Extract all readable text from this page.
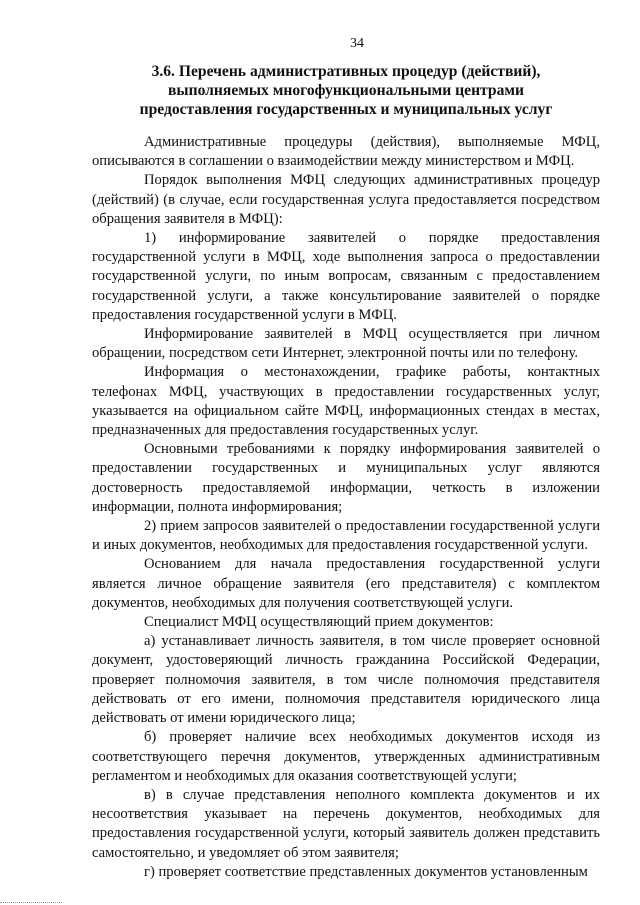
34
3.6. Перечень административных процедур (действий),
выполняемых многофункциональными центрами
предоставления государственных и муниципальных услуг

Административные процедуры (действия), выполняемые МФЦ, описываются в соглашении о взаимодействии между министерством и МФЦ.

Порядок выполнения МФЦ следующих административных процедур (действий) (в случае, если государственная услуга предоставляется посредством обращения заявителя в МФЦ):

1) информирование заявителей о порядке предоставления государственной услуги в МФЦ, ходе выполнения запроса о предоставлении государственной услуги, по иным вопросам, связанным с предоставлением государственной услуги, а также консультирование заявителей о порядке предоставления государственной услуги в МФЦ.

Информирование заявителей в МФЦ осуществляется при личном обращении, посредством сети Интернет, электронной почты или по телефону.

Информация о местонахождении, графике работы, контактных телефонах МФЦ, участвующих в предоставлении государственных услуг, указывается на официальном сайте МФЦ, информационных стендах в местах, предназначенных для предоставления государственных услуг.

Основными требованиями к порядку информирования заявителей о предоставлении государственных и муниципальных услуг являются достоверность предоставляемой информации, четкость в изложении информации, полнота информирования;

2) прием запросов заявителей о предоставлении государственной услуги и иных документов, необходимых для предоставления государственной услуги.

Основанием для начала предоставления государственной услуги является личное обращение заявителя (его представителя) с комплектом документов, необходимых для получения соответствующей услуги.

Специалист МФЦ осуществляющий прием документов:

а) устанавливает личность заявителя, в том числе проверяет основной документ, удостоверяющий личность гражданина Российской Федерации, проверяет полномочия заявителя, в том числе полномочия представителя действовать от его имени, полномочия представителя юридического лица действовать от имени юридического лица;

б) проверяет наличие всех необходимых документов исходя из соответствующего перечня документов, утвержденных административным регламентом и необходимых для оказания соответствующей услуги;

в) в случае представления неполного комплекта документов и их несоответствия указывает на перечень документов, необходимых для предоставления государственной услуги, который заявитель должен представить самостоятельно, и уведомляет об этом заявителя;

г) проверяет соответствие представленных документов установленным
